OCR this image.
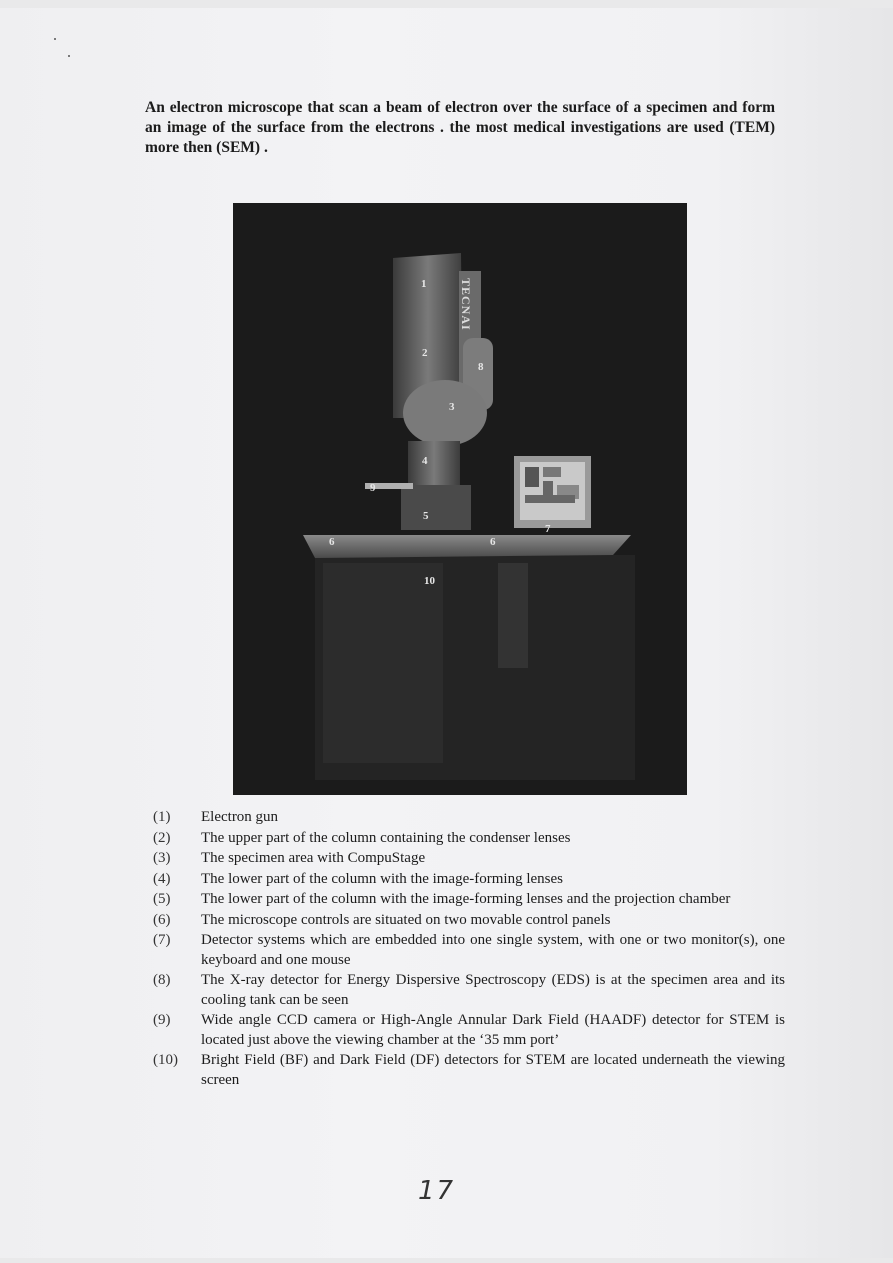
An electron microscope that scan a beam of electron over the surface of a specimen and form an image of the surface from the electrons . the most medical investigations are used (TEM) more then (SEM) .

TECNAI
1
2
3
4
5
6	6
7
8
9
10
(1)	Electron gun
(2)	The upper part of the column containing the condenser lenses
(3)	The specimen area with CompuStage
(4)	The lower part of the column with the image-forming lenses
(5)	The lower part of the column with the image-forming lenses and the projection chamber
(6)	The microscope controls are situated on two movable control panels
(7)	Detector systems which are embedded into one single system, with one or two monitor(s), one keyboard and one mouse
(8)	The X-ray detector for Energy Dispersive Spectroscopy (EDS) is at the specimen area and its cooling tank can be seen
(9)	Wide angle CCD camera or High-Angle Annular Dark Field (HAADF) detector for STEM is located just above the viewing chamber at the ‘35 mm port’
(10)	Bright Field (BF) and Dark Field (DF) detectors for STEM are located underneath the viewing screen
17
